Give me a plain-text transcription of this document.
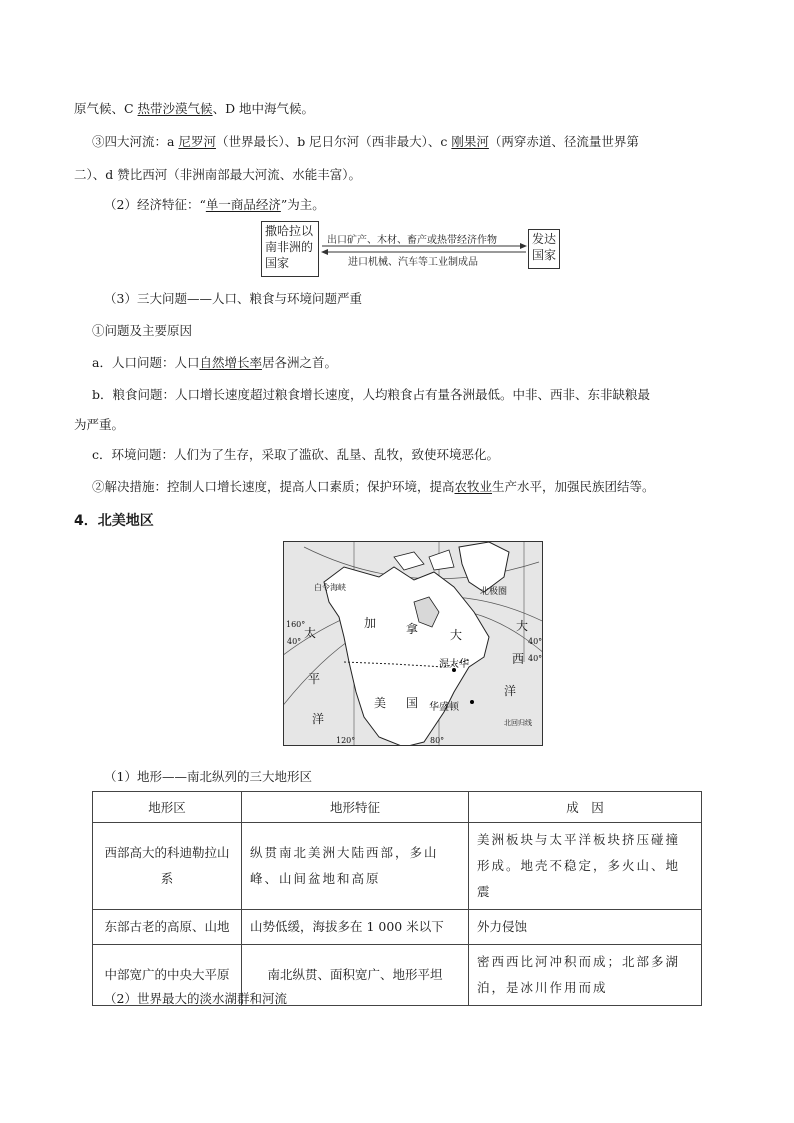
原气候、C 热带沙漠气候、D 地中海气候。
③四大河流：a 尼罗河（世界最长）、b 尼日尔河（西非最大）、c 刚果河（两穿赤道、径流量世界第
二）、d 赞比西河（非洲南部最大河流、水能丰富）。
（2）经济特征：“单一商品经济”为主。
撒哈拉以南非洲的国家
出口矿产、木材、畜产或热带经济作物
进口机械、汽车等工业制成品
发达国家
（3）三大问题——人口、粮食与环境问题严重
①问题及主要原因
a．人口问题：人口自然增长率居各洲之首。
b．粮食问题：人口增长速度超过粮食增长速度，人均粮食占有量各洲最低。中非、西非、东非缺粮最
为严重。
c．环境问题：人们为了生存，采取了滥砍、乱垦、乱牧，致使环境恶化。
②解决措施：控制人口增长速度，提高人口素质；保护环境，提高农牧业生产水平，加强民族团结等。
4．北美地区
太
平
洋
大
西
洋
加 拿	大
美 国
渥太华
华盛顿
白令海峡	北极圈
北回归线
40°	40°
160°
120°	80°
40°
（1）地形——南北纵列的三大地形区
地形区	地形特征	成　因
西部高大的科迪勒拉山系	纵贯南北美洲大陆西部，多山峰、山间盆地和高原	美洲板块与太平洋板块挤压碰撞形成。地壳不稳定，多火山、地震
东部古老的高原、山地	山势低缓，海拔多在 1 000 米以下	外力侵蚀
中部宽广的中央大平原	南北纵贯、面积宽广、地形平坦	密西西比河冲积而成；北部多湖泊，是冰川作用而成
（2）世界最大的淡水湖群和河流
